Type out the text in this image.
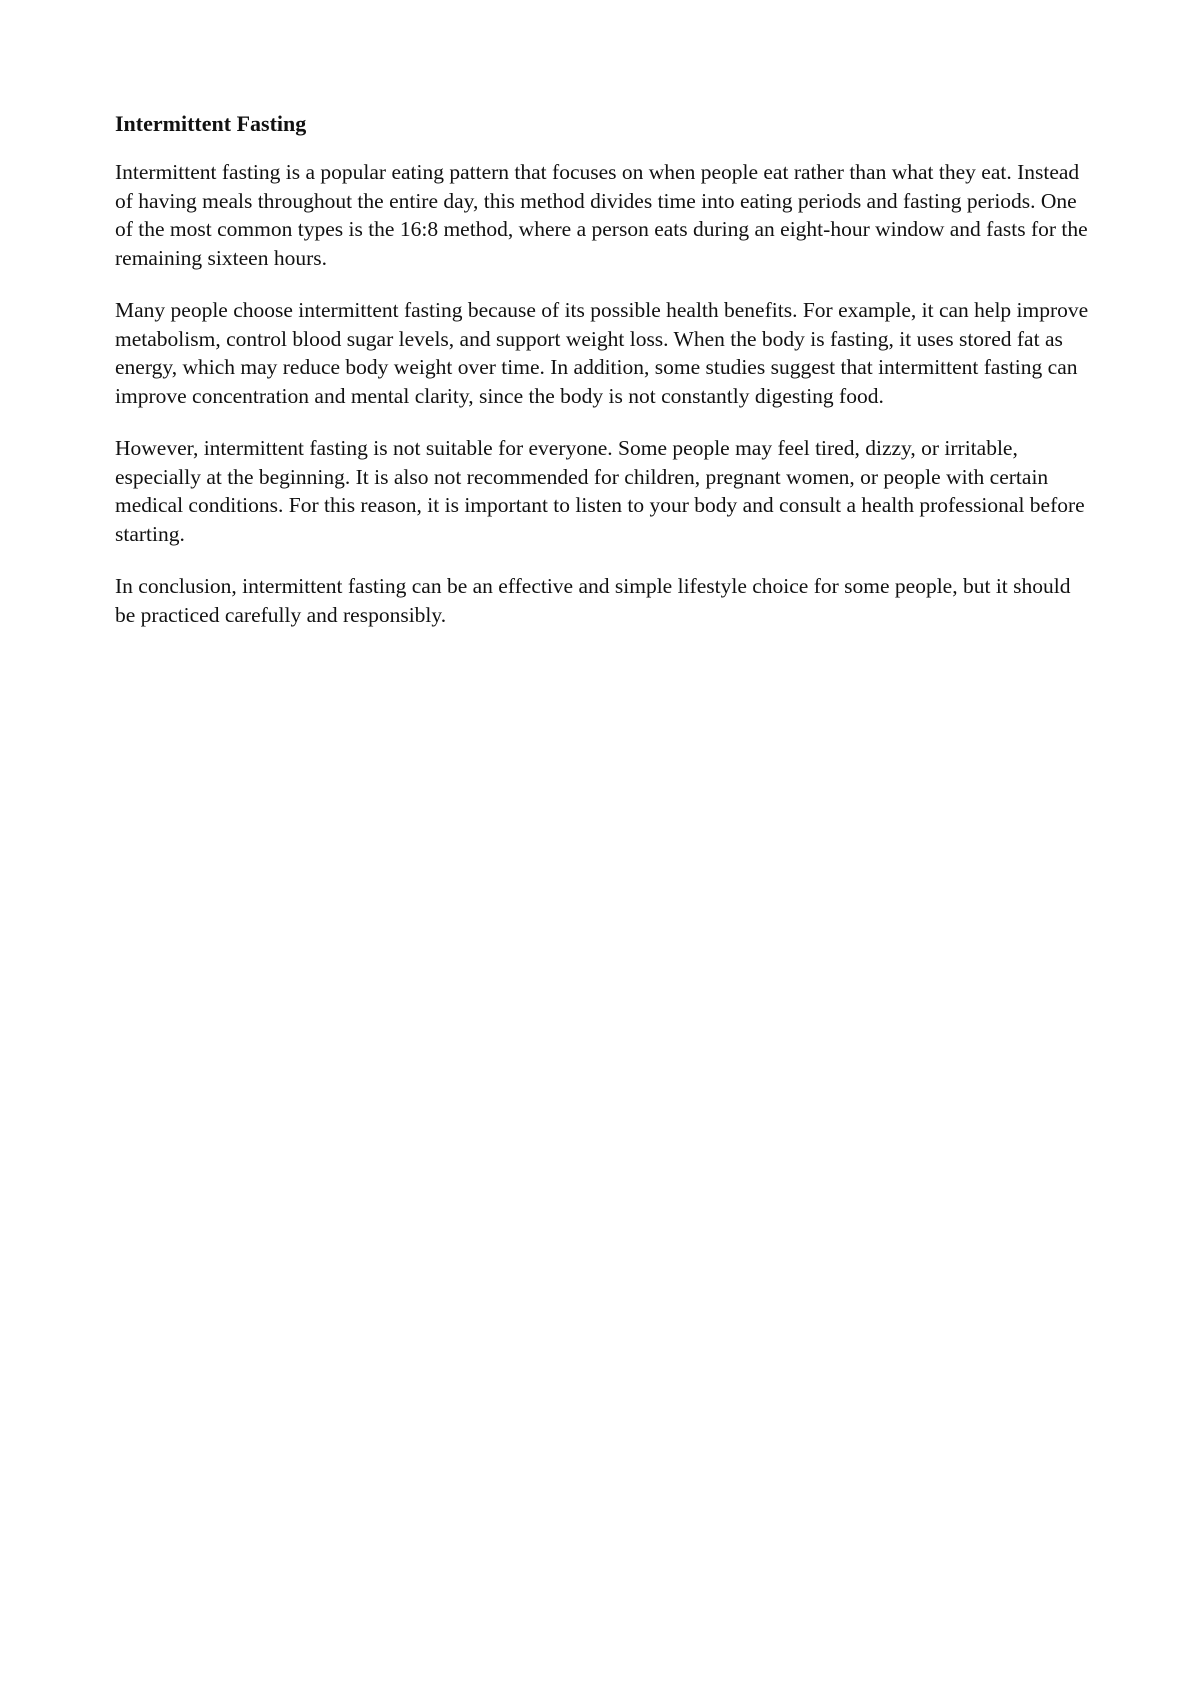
Intermittent Fasting

Intermittent fasting is a popular eating pattern that focuses on when people eat rather than what they eat. Instead of having meals throughout the entire day, this method divides time into eating periods and fasting periods. One of the most common types is the 16:8 method, where a person eats during an eight-hour window and fasts for the remaining sixteen hours.

Many people choose intermittent fasting because of its possible health benefits. For example, it can help improve metabolism, control blood sugar levels, and support weight loss. When the body is fasting, it uses stored fat as energy, which may reduce body weight over time. In addition, some studies suggest that intermittent fasting can improve concentration and mental clarity, since the body is not constantly digesting food.

However, intermittent fasting is not suitable for everyone. Some people may feel tired, dizzy, or irritable, especially at the beginning. It is also not recommended for children, pregnant women, or people with certain medical conditions. For this reason, it is important to listen to your body and consult a health professional before starting.

In conclusion, intermittent fasting can be an effective and simple lifestyle choice for some people, but it should be practiced carefully and responsibly.
